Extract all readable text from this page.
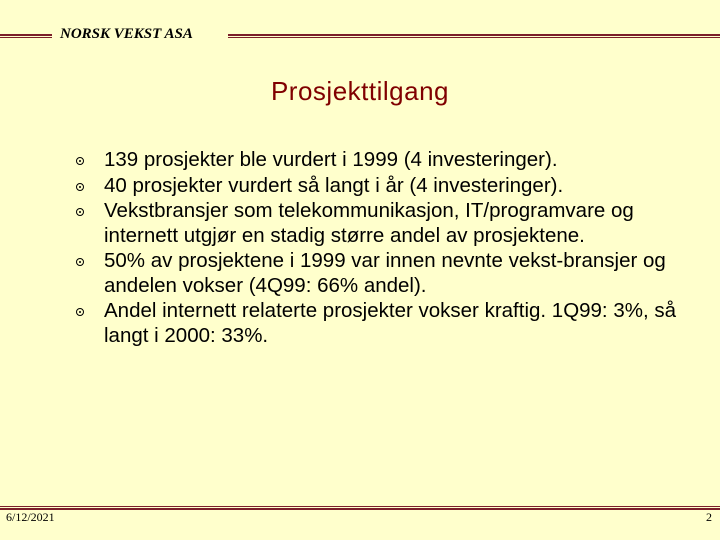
NORSK VEKST ASA
Prosjekttilgang
139 prosjekter ble vurdert i 1999 (4 investeringer).
40 prosjekter vurdert så langt i år (4 investeringer).
Vekstbransjer som telekommunikasjon, IT/programvare og internett utgjør en stadig større andel av prosjektene.
50% av prosjektene i 1999 var innen nevnte vekst-bransjer og andelen vokser (4Q99: 66% andel).
Andel internett relaterte prosjekter vokser kraftig. 1Q99: 3%, så langt i 2000: 33%.
6/12/2021	2
